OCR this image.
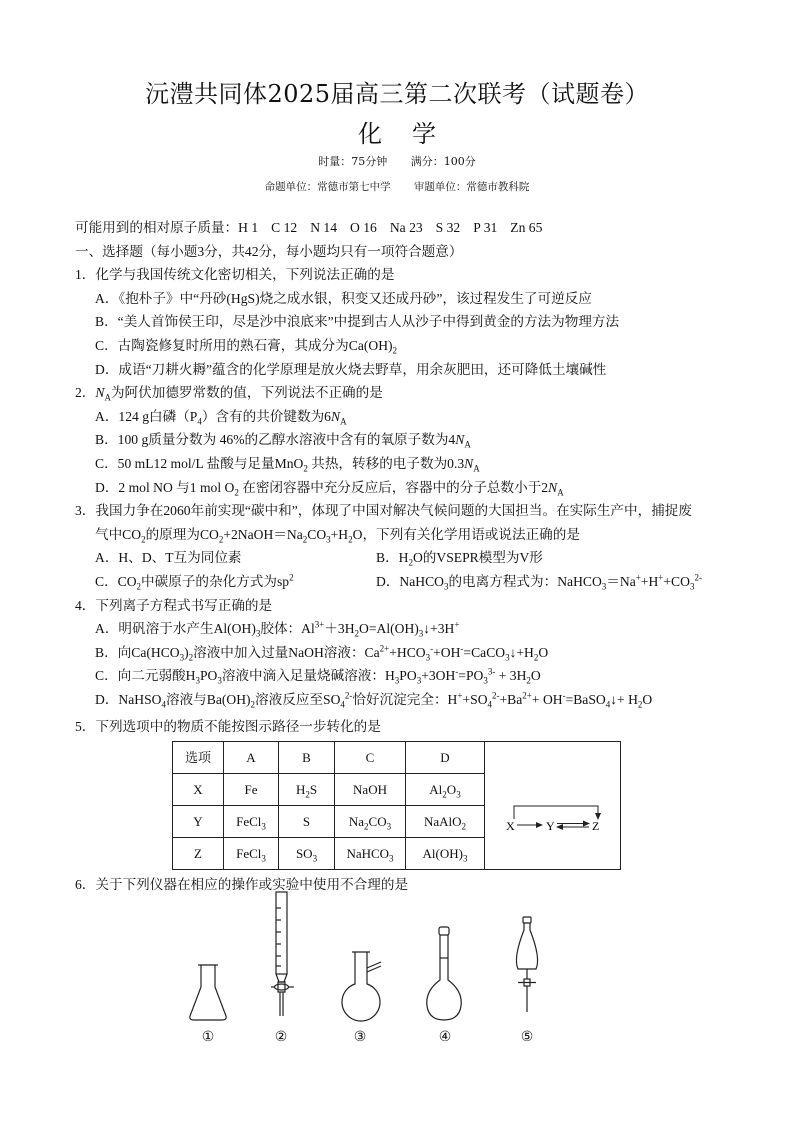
沅澧共同体2025届高三第二次联考（试题卷）
化学
时量：75分钟 满分：100分
命题单位：常德市第七中学 审题单位：常德市教科院
可能用到的相对原子质量：H 1 C 12 N 14 O 16 Na 23 S 32 P 31 Zn 65
一、选择题（每小题3分，共42分，每小题均只有一项符合题意）
1．化学与我国传统文化密切相关，下列说法正确的是
A．《抱朴子》中“丹砂(HgS)烧之成水银，积变又还成丹砂”，该过程发生了可逆反应
B．“美人首饰侯王印，尽是沙中浪底来”中提到古人从沙子中得到黄金的方法为物理方法
C．古陶瓷修复时所用的熟石膏，其成分为$Ca(OH)_2$
D．成语“刀耕火耨”蕴含的化学原理是放火烧去野草，用余灰肥田，还可降低土壤碱性
2．$N_A$为阿伏加德罗常数的值，下列说法不正确的是
A．124 g白磷$(P_4)$含有的共价键数为$6N_A$
B．100 g质量分数为 46%的乙醇水溶液中含有的氧原子数为$4N_A$
C．50 mL12 mol/L 盐酸与足量MnO$_2$ 共热，转移的电子数为$0.3N_A$
D．2 mol NO 与1 mol $O_2$ 在密闭容器中充分反应后，容器中的分子总数小于$2N_A$
3．我国力争在2060年前实现“碳中和”，体现了中国对解决气候问题的大国担当。在实际生产中，捕捉废
气中$CO_2$的原理为$CO_2+2NaOH=Na_2CO_3+H_2O$，下列有关化学用语或说法正确的是
A．H、D、T互为同位素	B．$H_2O$的VSEPR模型为V形
C．$CO_2$中碳原子的杂化方式为$sp^2$	D．NaHCO$_3$的电离方程式为：$NaHCO_3=Na^++H^++CO_3^{2-}$
4．下列离子方程式书写正确的是
A．明矾溶于水产生$Al(OH)_3$胶体：$Al^{3+}+3H_2O=Al(OH)_3↓+3H^+$
B．向$Ca(HCO_3)_2$溶液中加入过量NaOH溶液：$Ca^{2+}+HCO_3^-+OH^-=CaCO_3↓+H_2O$
C．向二元弱酸$H_3PO_3$溶液中滴入足量烧碱溶液：$H_3PO_3+3OH^-=PO_3^{3-} + 3H_2O$
D．NaHSO$_4$溶液与$Ba(OH)_2$溶液反应至$SO_4^{2-}$恰好沉淀完全：$H^++SO_4^{2-}+Ba^{2+}+$ OH-=BaSO$_4$↓+ $H_2O$
5．下列选项中的物质不能按图示路径一步转化的是
选项	A	B	C	D	X Y Z

X	Fe	$H_2S$	NaOH	$Al_2O_3$
Y	FeCl$_3$	S	$Na_2CO_3$	NaAlO$_2$
Z	FeCl$_3$	$SO_3$	NaHCO$_3$	$Al(OH)_3$
6．关于下列仪器在相应的操作或实验中使用不合理的是
①	②	③	④	⑤
